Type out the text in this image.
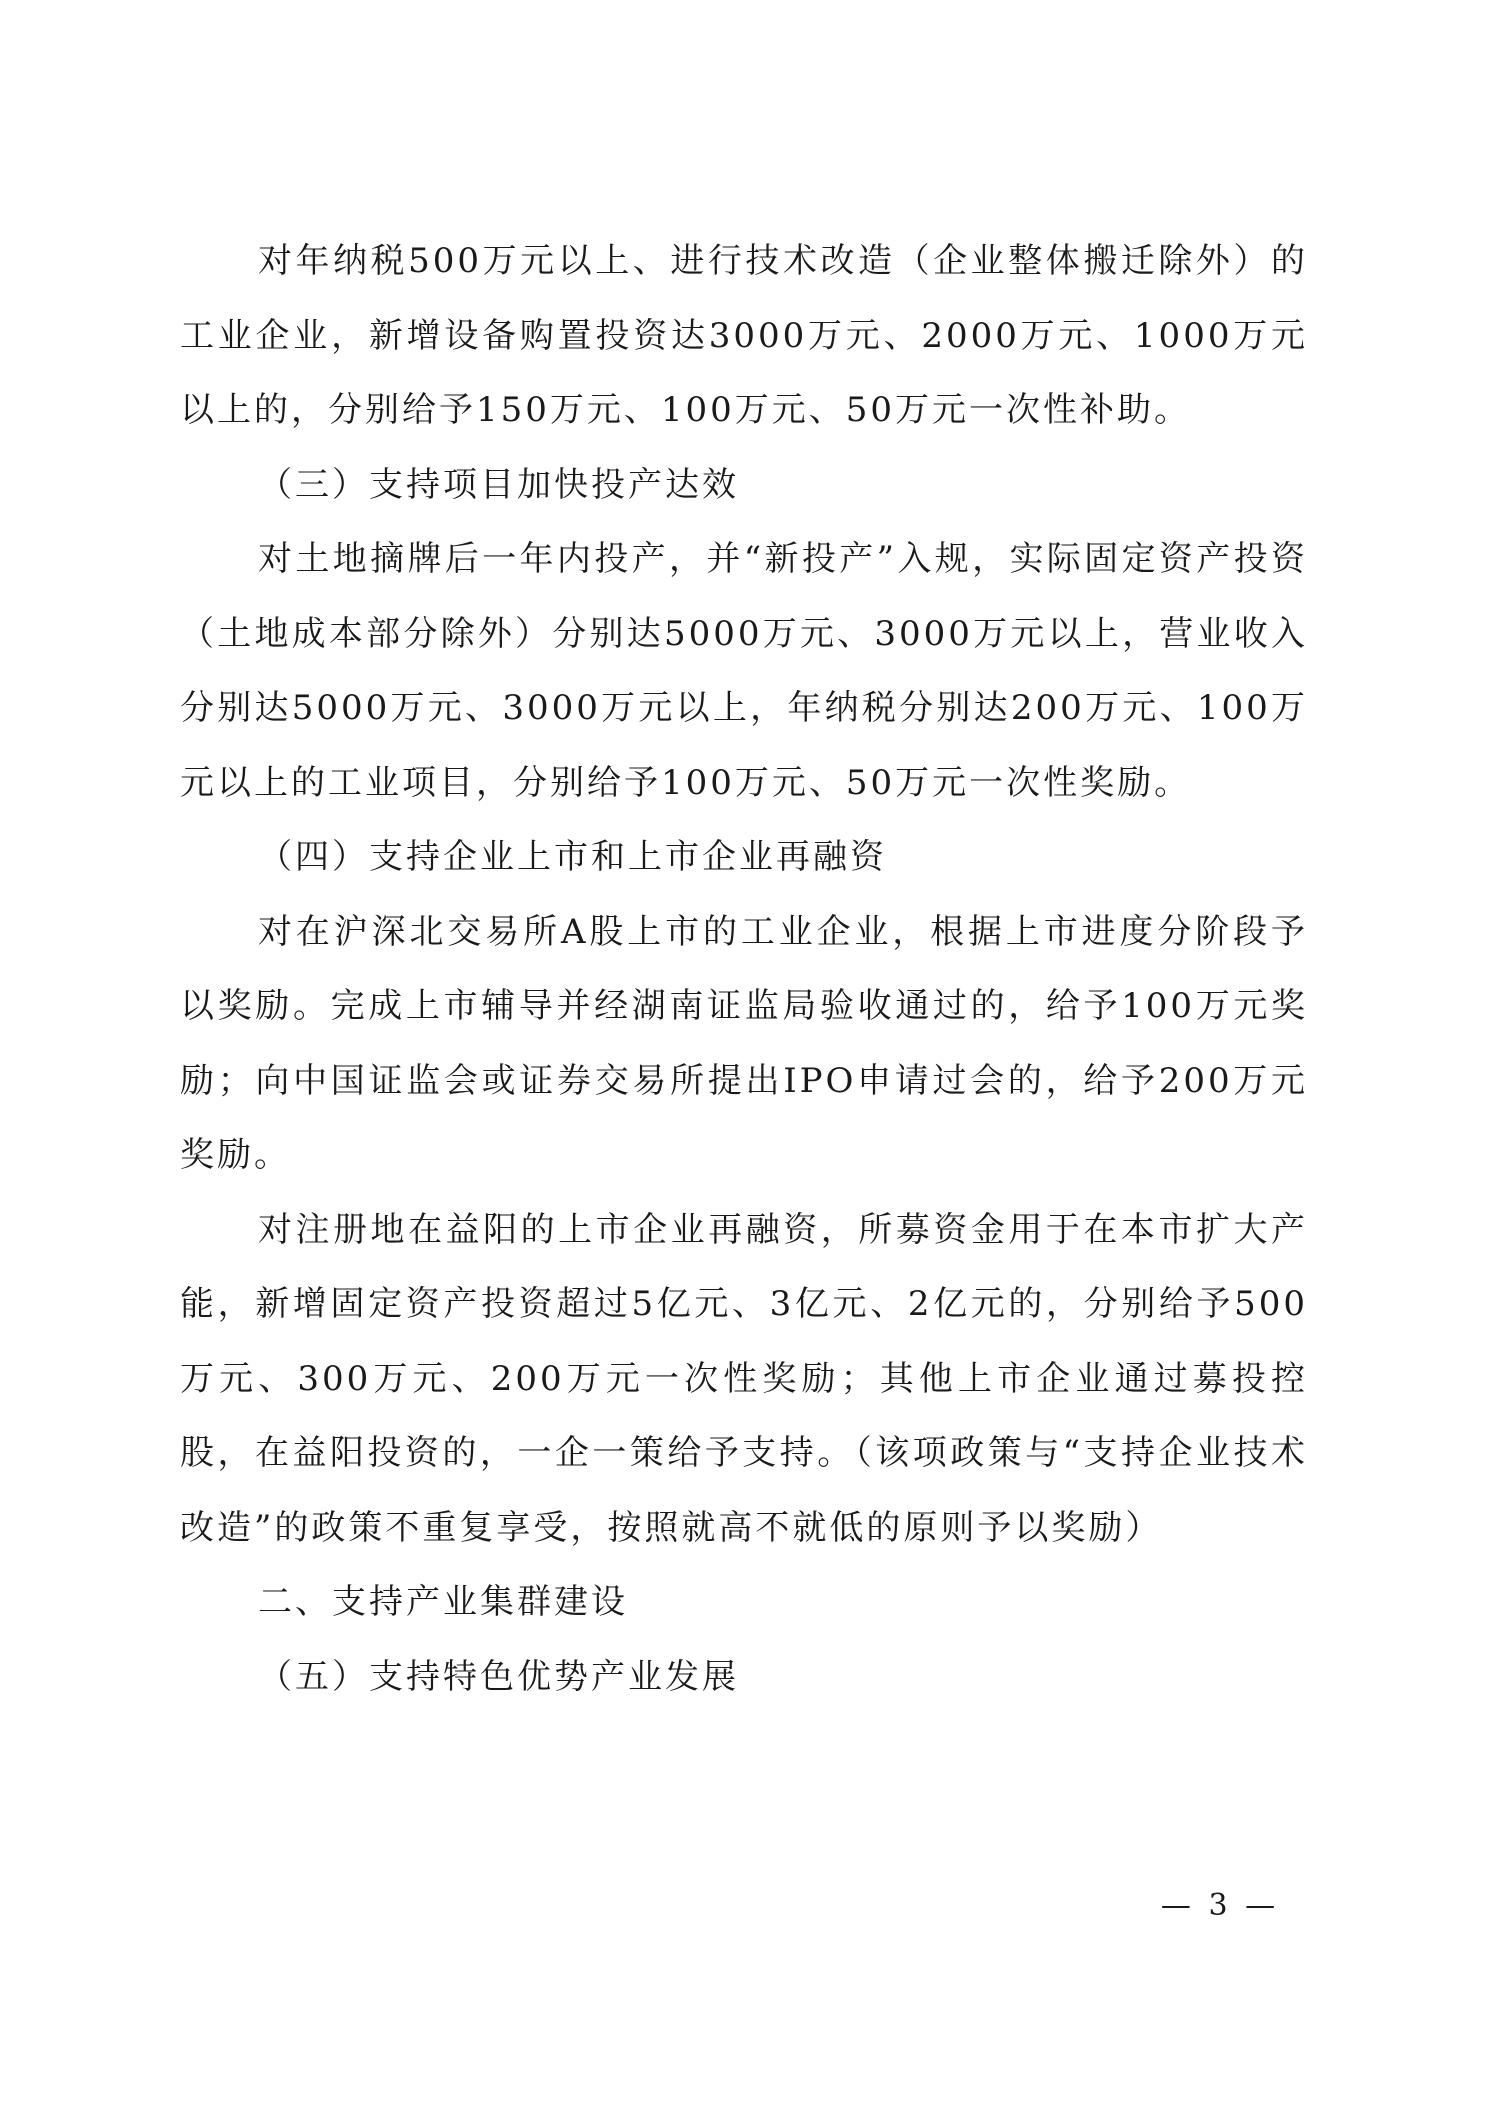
对年纳税500万元以上、进行技术改造（企业整体搬迁除外）的工业企业，新增设备购置投资达3000万元、2000万元、1000万元以上的，分别给予150万元、100万元、50万元一次性补助。

（三）支持项目加快投产达效

对土地摘牌后一年内投产，并“新投产”入规，实际固定资产投资（土地成本部分除外）分别达5000万元、3000万元以上，营业收入分别达5000万元、3000万元以上，年纳税分别达200万元、100万元以上的工业项目，分别给予100万元、50万元一次性奖励。

（四）支持企业上市和上市企业再融资

对在沪深北交易所A股上市的工业企业，根据上市进度分阶段予以奖励。完成上市辅导并经湖南证监局验收通过的，给予100万元奖励；向中国证监会或证券交易所提出IPO申请过会的，给予200万元奖励。

对注册地在益阳的上市企业再融资，所募资金用于在本市扩大产能，新增固定资产投资超过5亿元、3亿元、2亿元的，分别给予500万元、300万元、200万元一次性奖励；其他上市企业通过募投控股，在益阳投资的，一企一策给予支持。（该项政策与“支持企业技术改造”的政策不重复享受，按照就高不就低的原则予以奖励）

二、支持产业集群建设

（五）支持特色优势产业发展

— 3 —
